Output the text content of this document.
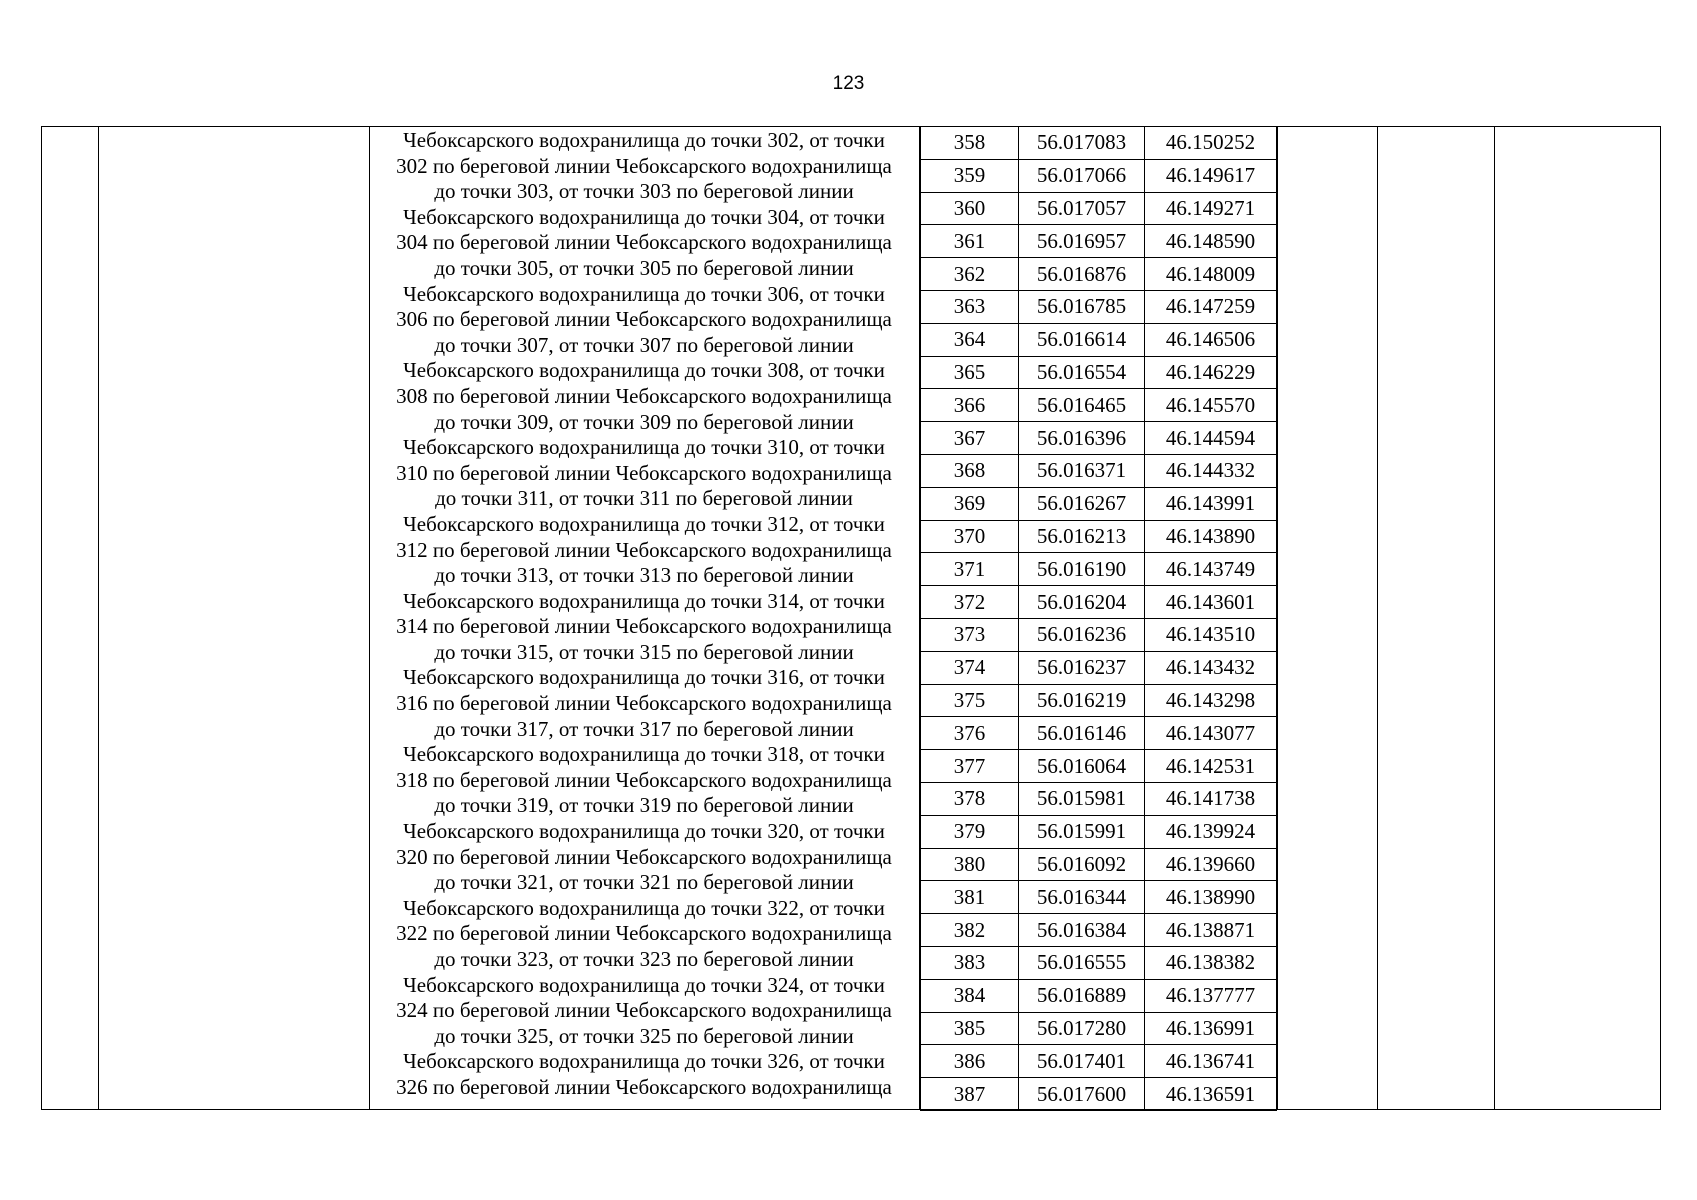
123
Чебоксарского водохранилища до точки 302, от точки
302 по береговой линии Чебоксарского водохранилища
до точки 303, от точки 303 по береговой линии
Чебоксарского водохранилища до точки 304, от точки
304 по береговой линии Чебоксарского водохранилища
до точки 305, от точки 305 по береговой линии
Чебоксарского водохранилища до точки 306, от точки
306 по береговой линии Чебоксарского водохранилища
до точки 307, от точки 307 по береговой линии
Чебоксарского водохранилища до точки 308, от точки
308 по береговой линии Чебоксарского водохранилища
до точки 309, от точки 309 по береговой линии
Чебоксарского водохранилища до точки 310, от точки
310 по береговой линии Чебоксарского водохранилища
до точки 311, от точки 311 по береговой линии
Чебоксарского водохранилища до точки 312, от точки
312 по береговой линии Чебоксарского водохранилища
до точки 313, от точки 313 по береговой линии
Чебоксарского водохранилища до точки 314, от точки
314 по береговой линии Чебоксарского водохранилища
до точки 315, от точки 315 по береговой линии
Чебоксарского водохранилища до точки 316, от точки
316 по береговой линии Чебоксарского водохранилища
до точки 317, от точки 317 по береговой линии
Чебоксарского водохранилища до точки 318, от точки
318 по береговой линии Чебоксарского водохранилища
до точки 319, от точки 319 по береговой линии
Чебоксарского водохранилища до точки 320, от точки
320 по береговой линии Чебоксарского водохранилища
до точки 321, от точки 321 по береговой линии
Чебоксарского водохранилища до точки 322, от точки
322 по береговой линии Чебоксарского водохранилища
до точки 323, от точки 323 по береговой линии
Чебоксарского водохранилища до точки 324, от точки
324 по береговой линии Чебоксарского водохранилища
до точки 325, от точки 325 по береговой линии
Чебоксарского водохранилища до точки 326, от точки
326 по береговой линии Чебоксарского водохранилища
358	56.017083	46.150252
359	56.017066	46.149617
360	56.017057	46.149271
361	56.016957	46.148590
362	56.016876	46.148009
363	56.016785	46.147259
364	56.016614	46.146506
365	56.016554	46.146229
366	56.016465	46.145570
367	56.016396	46.144594
368	56.016371	46.144332
369	56.016267	46.143991
370	56.016213	46.143890
371	56.016190	46.143749
372	56.016204	46.143601
373	56.016236	46.143510
374	56.016237	46.143432
375	56.016219	46.143298
376	56.016146	46.143077
377	56.016064	46.142531
378	56.015981	46.141738
379	56.015991	46.139924
380	56.016092	46.139660
381	56.016344	46.138990
382	56.016384	46.138871
383	56.016555	46.138382
384	56.016889	46.137777
385	56.017280	46.136991
386	56.017401	46.136741
387	56.017600	46.136591
